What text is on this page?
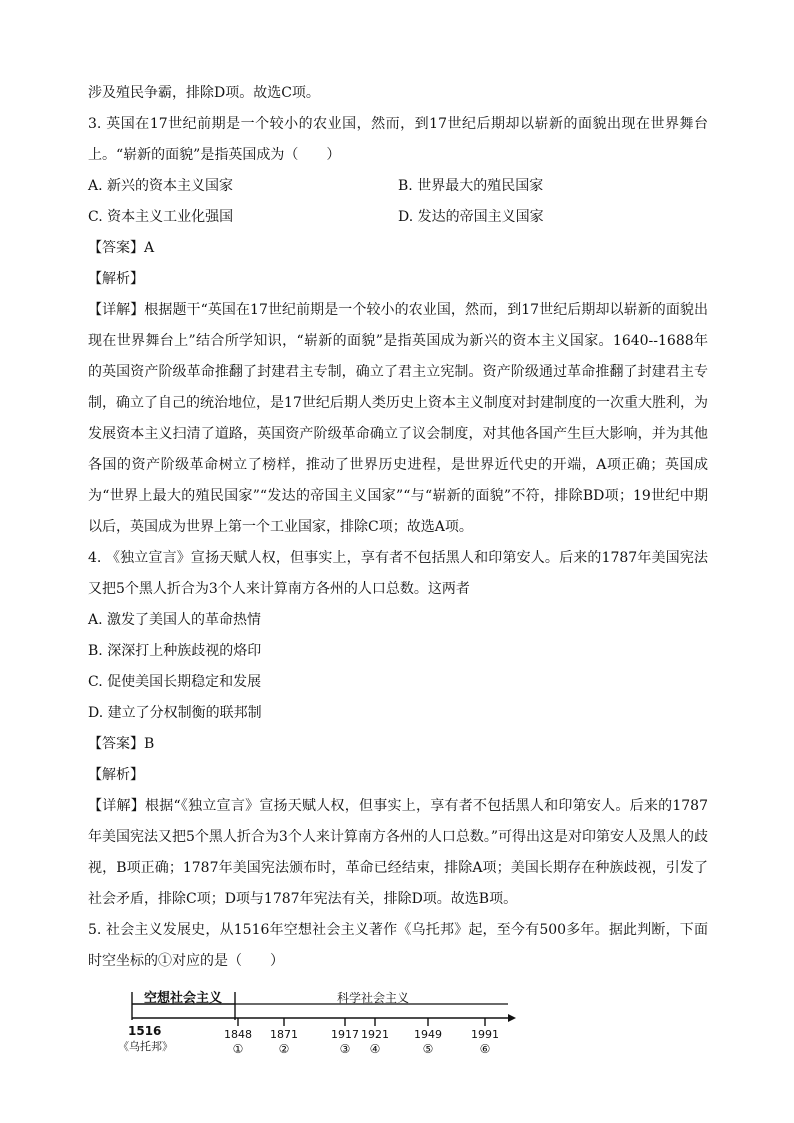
涉及殖民争霸，排除D项。故选C项。
3. 英国在17世纪前期是一个较小的农业国，然而，到17世纪后期却以崭新的面貌出现在世界舞台上。“崭新的面貌”是指英国成为（　　）
A. 新兴的资本主义国家	B. 世界最大的殖民国家
C. 资本主义工业化强国	D. 发达的帝国主义国家
【答案】A
【解析】
【详解】根据题干“英国在17世纪前期是一个较小的农业国，然而，到17世纪后期却以崭新的面貌出现在世界舞台上”结合所学知识，“崭新的面貌”是指英国成为新兴的资本主义国家。1640--1688年的英国资产阶级革命推翻了封建君主专制，确立了君主立宪制。资产阶级通过革命推翻了封建君主专制，确立了自己的统治地位，是17世纪后期人类历史上资本主义制度对封建制度的一次重大胜利，为发展资本主义扫清了道路，英国资产阶级革命确立了议会制度，对其他各国产生巨大影响，并为其他各国的资产阶级革命树立了榜样，推动了世界历史进程，是世界近代史的开端，A项正确；英国成为“世界上最大的殖民国家”“发达的帝国主义国家”“与“崭新的面貌”不符，排除BD项；19世纪中期以后，英国成为世界上第一个工业国家，排除C项；故选A项。
4. 《独立宣言》宣扬天赋人权，但事实上，享有者不包括黑人和印第安人。后来的1787年美国宪法又把5个黑人折合为3个人来计算南方各州的人口总数。这两者
A. 激发了美国人的革命热情
B. 深深打上种族歧视的烙印
C. 促使美国长期稳定和发展
D. 建立了分权制衡的联邦制
【答案】B
【解析】
【详解】根据“《独立宣言》宣扬天赋人权，但事实上，享有者不包括黑人和印第安人。后来的1787年美国宪法又把5个黑人折合为3个人来计算南方各州的人口总数。”可得出这是对印第安人及黑人的歧视，B项正确；1787年美国宪法颁布时，革命已经结束，排除A项；美国长期存在种族歧视，引发了社会矛盾，排除C项；D项与1787年宪法有关，排除D项。故选B项。
5. 社会主义发展史，从1516年空想社会主义著作《乌托邦》起，至今有500多年。据此判断，下面时空坐标的①对应的是（　　）
空想社会主义	科学社会主义
1516
《乌托邦》
1848
①
1871
②
1917
③
1921
④
1949
⑤
1991
⑥
